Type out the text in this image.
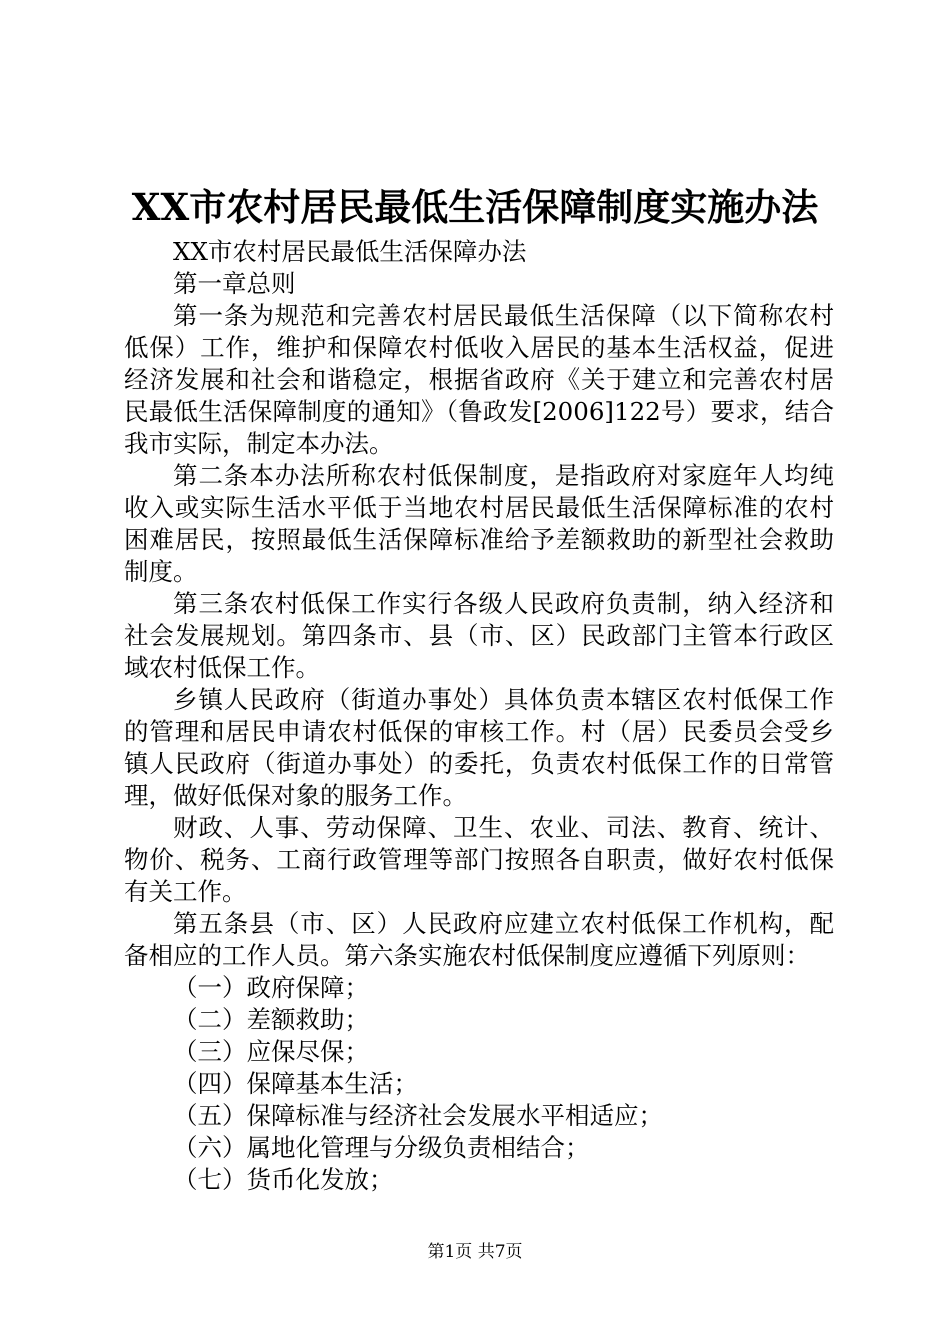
XX市农村居民最低生活保障制度实施办法

XX市农村居民最低生活保障办法

第一章总则

第一条为规范和完善农村居民最低生活保障（以下简称农村低保）工作，维护和保障农村低收入居民的基本生活权益，促进经济发展和社会和谐稳定，根据省政府《关于建立和完善农村居民最低生活保障制度的通知》（鲁政发[2006]122号）要求，结合我市实际，制定本办法。

第二条本办法所称农村低保制度，是指政府对家庭年人均纯收入或实际生活水平低于当地农村居民最低生活保障标准的农村困难居民，按照最低生活保障标准给予差额救助的新型社会救助制度。

第三条农村低保工作实行各级人民政府负责制，纳入经济和社会发展规划。第四条市、县（市、区）民政部门主管本行政区域农村低保工作。

乡镇人民政府（街道办事处）具体负责本辖区农村低保工作的管理和居民申请农村低保的审核工作。村（居）民委员会受乡镇人民政府（街道办事处）的委托，负责农村低保工作的日常管理，做好低保对象的服务工作。

财政、人事、劳动保障、卫生、农业、司法、教育、统计、物价、税务、工商行政管理等部门按照各自职责，做好农村低保有关工作。

第五条县（市、区）人民政府应建立农村低保工作机构，配备相应的工作人员。第六条实施农村低保制度应遵循下列原则：

（一）政府保障；

（二）差额救助；

（三）应保尽保；

（四）保障基本生活；

（五）保障标准与经济社会发展水平相适应；

（六）属地化管理与分级负责相结合；

（七）货币化发放；

第1页 共7页
